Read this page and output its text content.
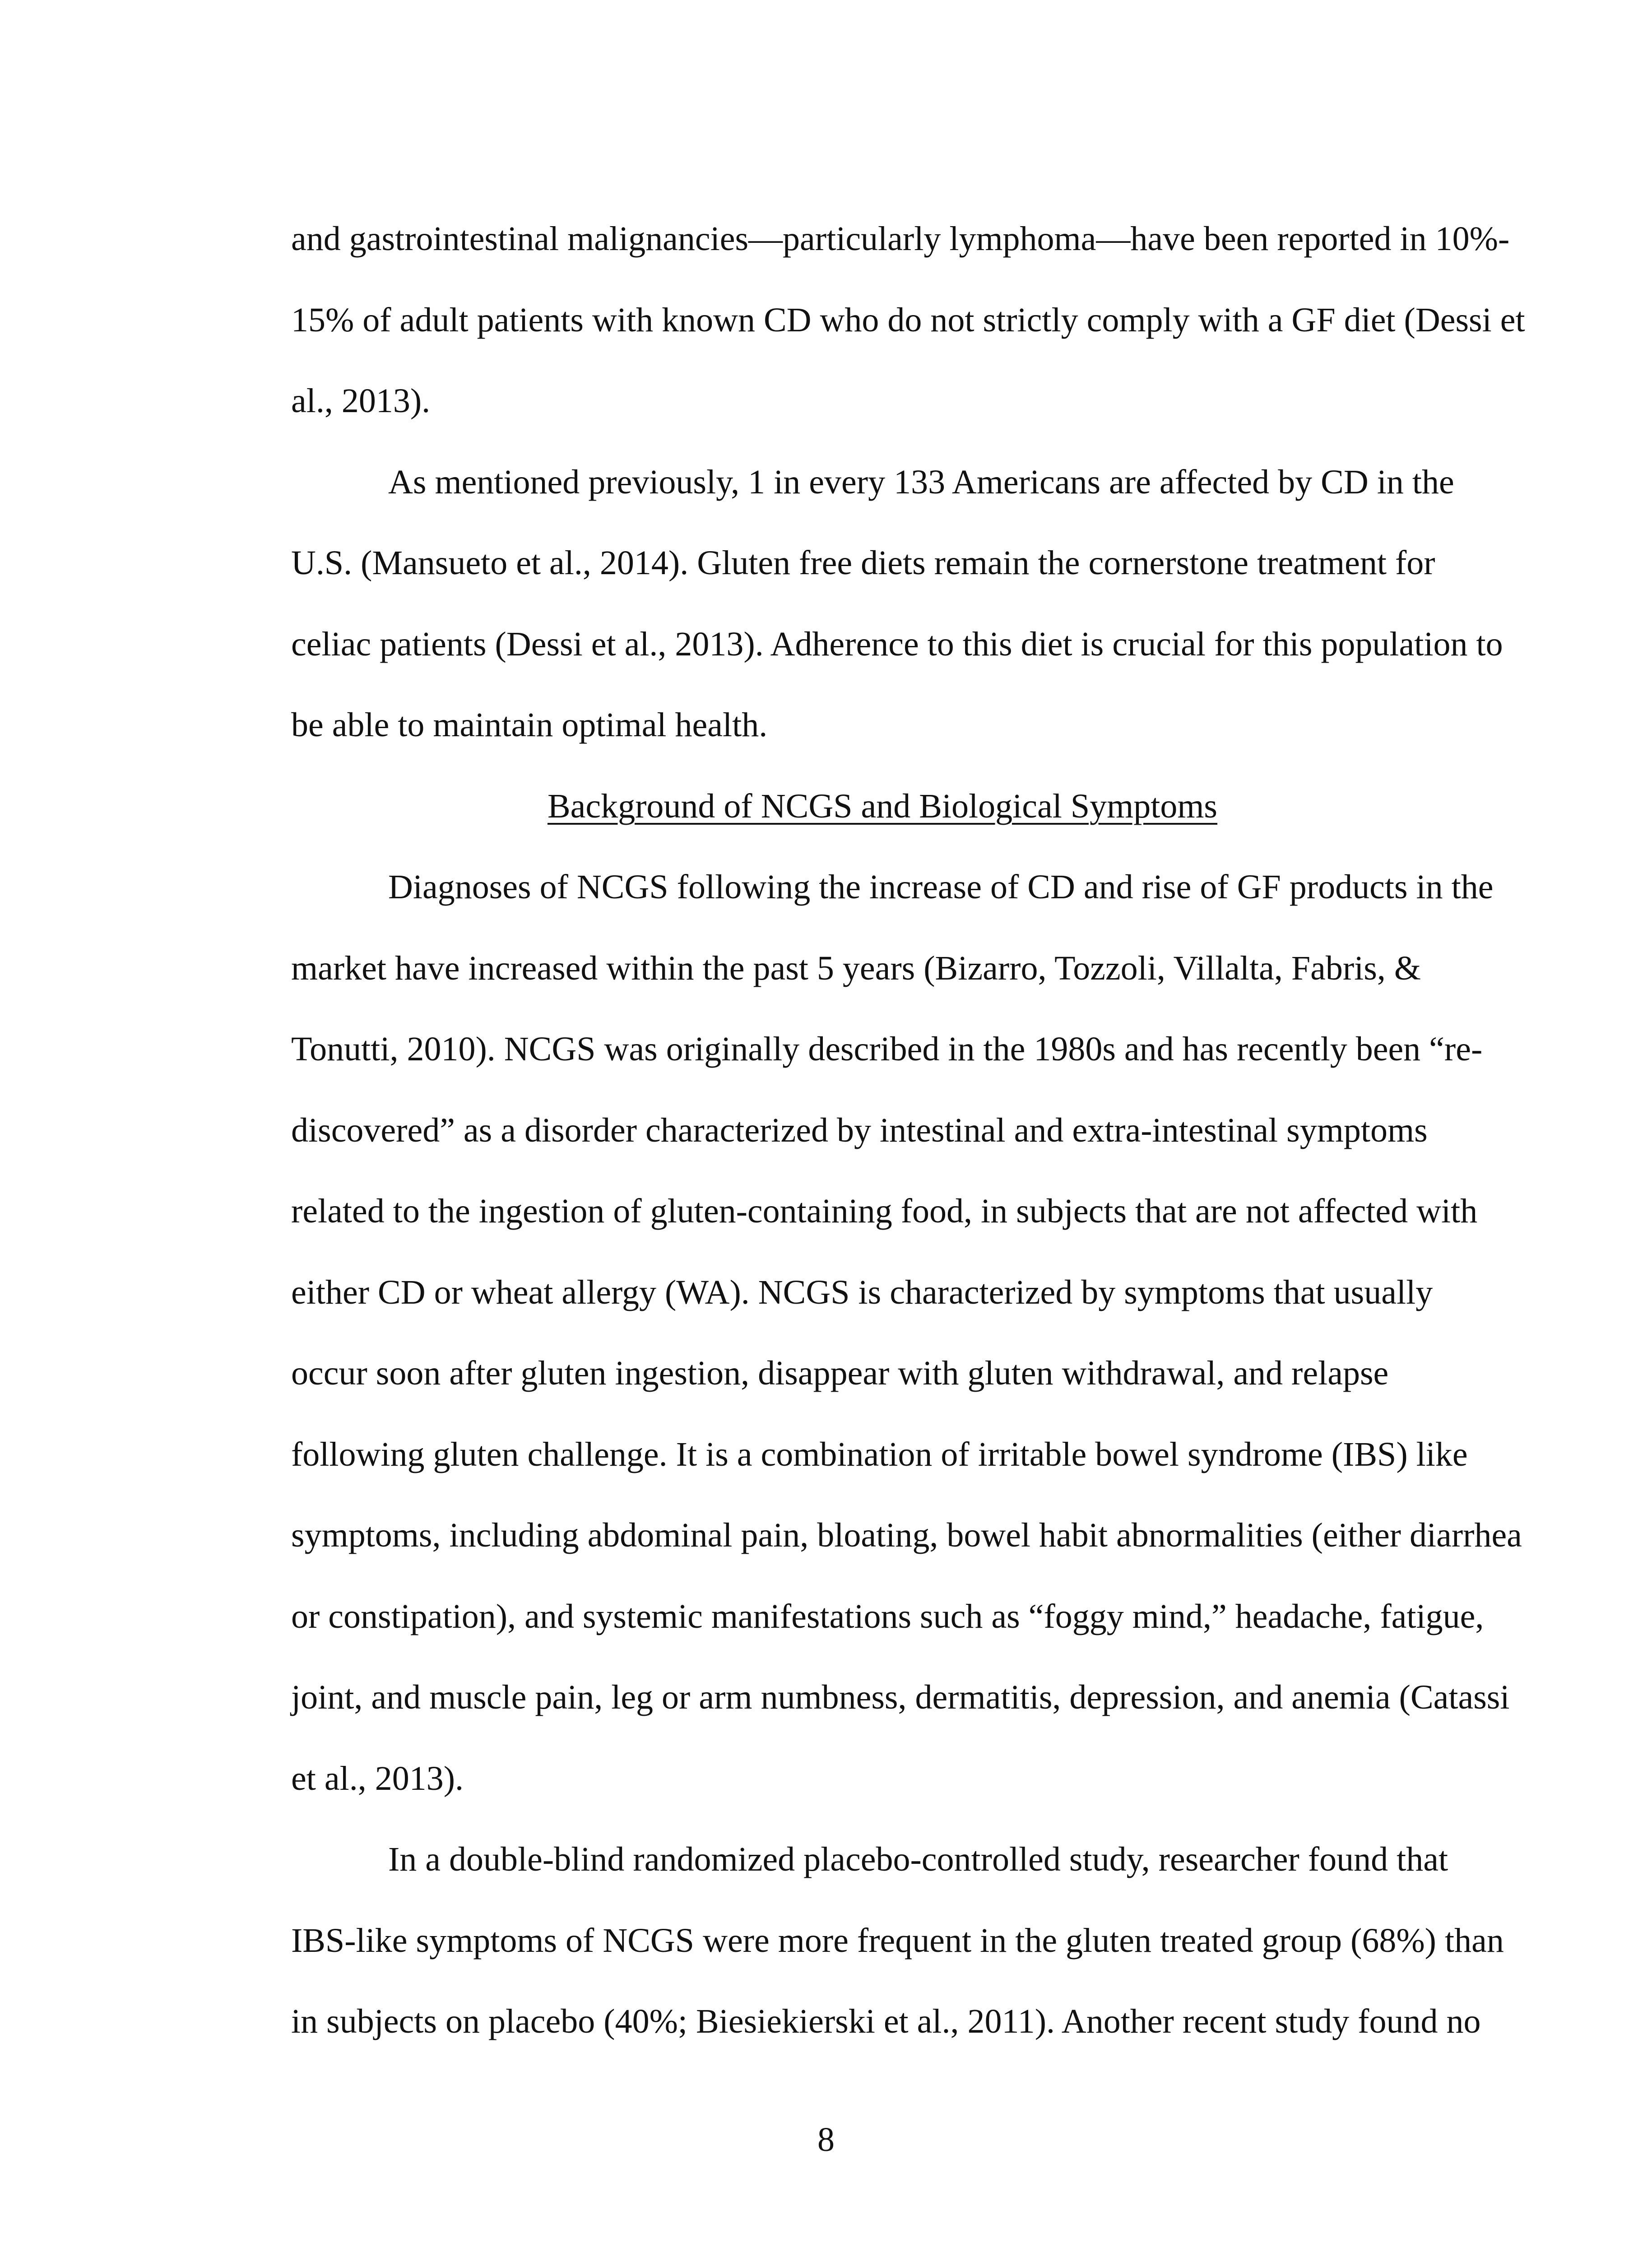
and gastrointestinal malignancies—particularly lymphoma—have been reported in 10%-
15% of adult patients with known CD who do not strictly comply with a GF diet (Dessi et
al., 2013).
As mentioned previously, 1 in every 133 Americans are affected by CD in the
U.S. (Mansueto et al., 2014). Gluten free diets remain the cornerstone treatment for
celiac patients (Dessi et al., 2013). Adherence to this diet is crucial for this population to
be able to maintain optimal health.
Background of NCGS and Biological Symptoms
Diagnoses of NCGS following the increase of CD and rise of GF products in the
market have increased within the past 5 years (Bizarro, Tozzoli, Villalta, Fabris, &
Tonutti, 2010). NCGS was originally described in the 1980s and has recently been “re-
discovered” as a disorder characterized by intestinal and extra-intestinal symptoms
related to the ingestion of gluten-containing food, in subjects that are not affected with
either CD or wheat allergy (WA). NCGS is characterized by symptoms that usually
occur soon after gluten ingestion, disappear with gluten withdrawal, and relapse
following gluten challenge. It is a combination of irritable bowel syndrome (IBS) like
symptoms, including abdominal pain, bloating, bowel habit abnormalities (either diarrhea
or constipation), and systemic manifestations such as “foggy mind,” headache, fatigue,
joint, and muscle pain, leg or arm numbness, dermatitis, depression, and anemia (Catassi
et al., 2013).
In a double-blind randomized placebo-controlled study, researcher found that
IBS-like symptoms of NCGS were more frequent in the gluten treated group (68%) than
in subjects on placebo (40%; Biesiekierski et al., 2011). Another recent study found no
8
